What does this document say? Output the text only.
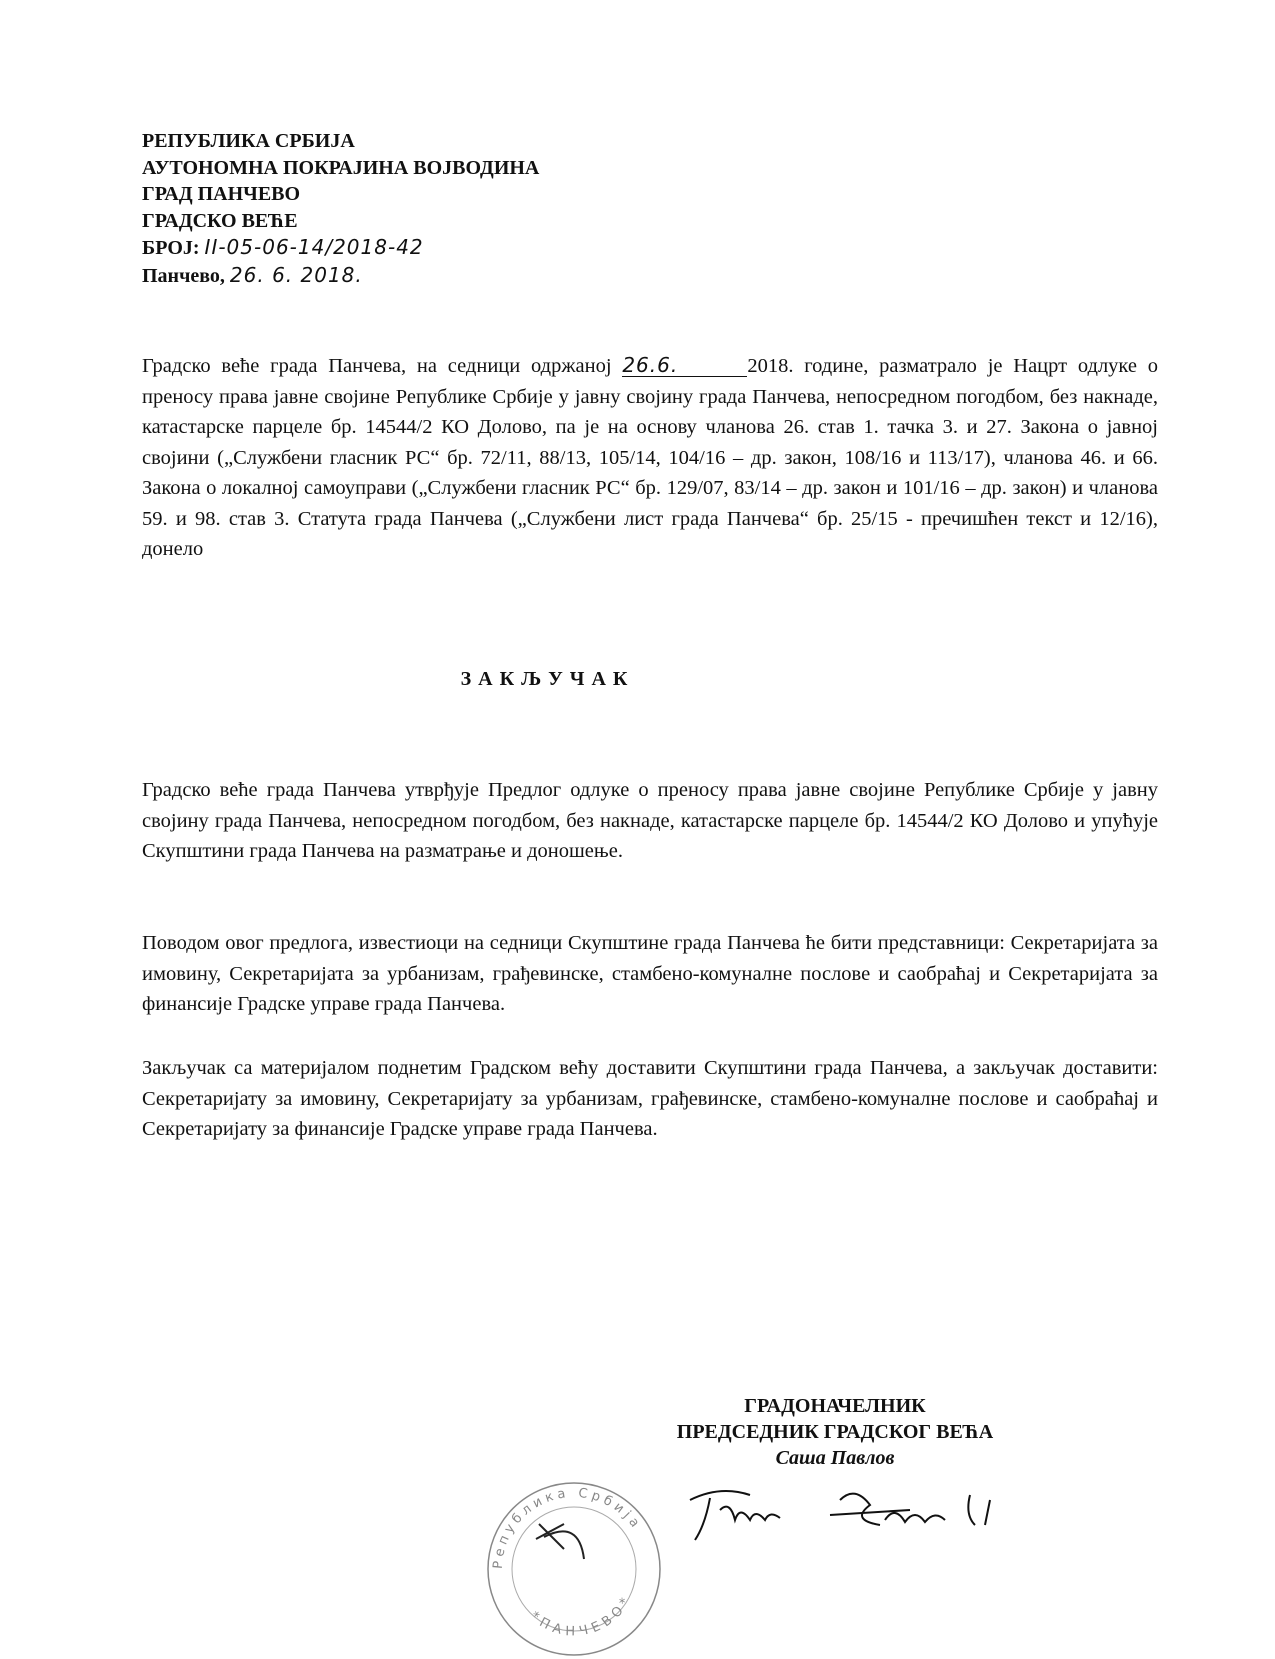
РЕПУБЛИКА СРБИЈА
АУТОНОМНА ПОКРАЈИНА ВОЈВОДИНА
ГРАД ПАНЧЕВО
ГРАДСКО ВЕЋЕ
БРОЈ: II-05-06-14/2018-42
Панчево, 26. 6. 2018.
Градско веће града Панчева, на седници одржаној 26.6.	2018. године, разматрало је Нацрт одлуке о преносу права јавне својине Републике Србије у јавну својину града Панчева, непосредном погодбом, без накнаде, катастарске парцеле бр. 14544/2 КО Долово, па је на основу чланова 26. став 1. тачка 3. и 27. Закона о јавној својини („Службени гласник РС“ бр. 72/11, 88/13, 105/14, 104/16 – др. закон, 108/16 и 113/17), чланова 46. и 66. Закона о локалној самоуправи („Службени гласник РС“ бр. 129/07, 83/14 – др. закон и 101/16 – др. закон) и чланова 59. и 98. став 3. Статута града Панчева („Службени лист града Панчева“ бр. 25/15 - пречишћен текст и 12/16), донело
ЗАКЉУЧАК
Градско веће града Панчева утврђује Предлог одлуке о преносу права јавне својине Републике Србије у јавну својину града Панчева, непосредном погодбом, без накнаде, катастарске парцеле бр. 14544/2 КО Долово и упућује Скупштини града Панчева на разматрање и доношење.
Поводом овог предлога, известиоци на седници Скупштине града Панчева ће бити представници: Секретаријата за имовину, Секретаријата за урбанизам, грађевинске, стамбено-комуналне послове и саобраћај и Секретаријата за финансије Градске управе града Панчева.
Закључак са материјалом поднетим Градском већу доставити Скупштини града Панчева, а закључак доставити: Секретаријату за имовину, Секретаријату за урбанизам, грађевинске, стамбено-комуналне послове и саобраћај и Секретаријату за финансије Градске управе града Панчева.
ГРАДОНАЧЕЛНИК
ПРЕДСЕДНИК ГРАДСКОГ ВЕЋА
Саша Павлов
Република Србија
*ПАНЧЕВО*
